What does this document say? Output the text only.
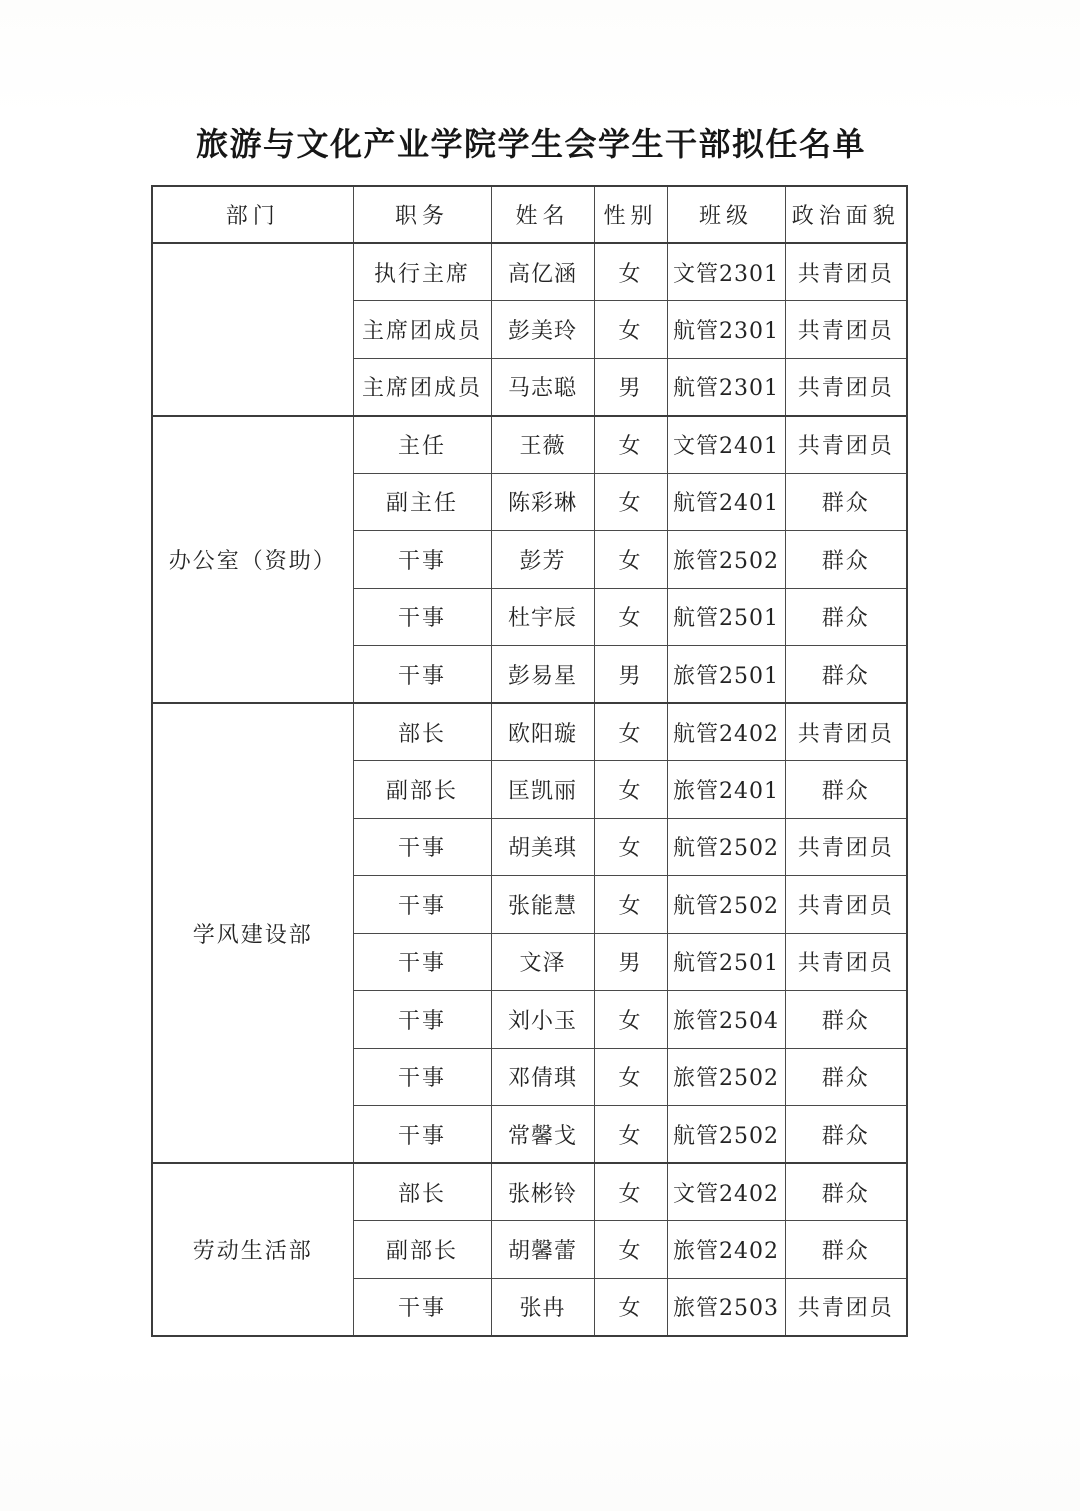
旅游与文化产业学院学生会学生干部拟任名单
部门	职务	姓名	性别	班级	政治面貌
	执行主席	高亿涵	女	文管2301	共青团员
	主席团成员	彭美玲	女	航管2301	共青团员
	主席团成员	马志聪	男	航管2301	共青团员
办公室（资助）	主任	王薇	女	文管2401	共青团员
	副主任	陈彩琳	女	航管2401	群众
	干事	彭芳	女	旅管2502	群众
	干事	杜宇辰	女	航管2501	群众
	干事	彭易星	男	旅管2501	群众
学风建设部	部长	欧阳璇	女	航管2402	共青团员
	副部长	匡凯丽	女	旅管2401	群众
	干事	胡美琪	女	航管2502	共青团员
	干事	张能慧	女	航管2502	共青团员
	干事	文泽	男	航管2501	共青团员
	干事	刘小玉	女	旅管2504	群众
	干事	邓倩琪	女	旅管2502	群众
	干事	常馨戈	女	航管2502	群众
劳动生活部	部长	张彬铃	女	文管2402	群众
	副部长	胡馨蕾	女	旅管2402	群众
	干事	张冉	女	旅管2503	共青团员
